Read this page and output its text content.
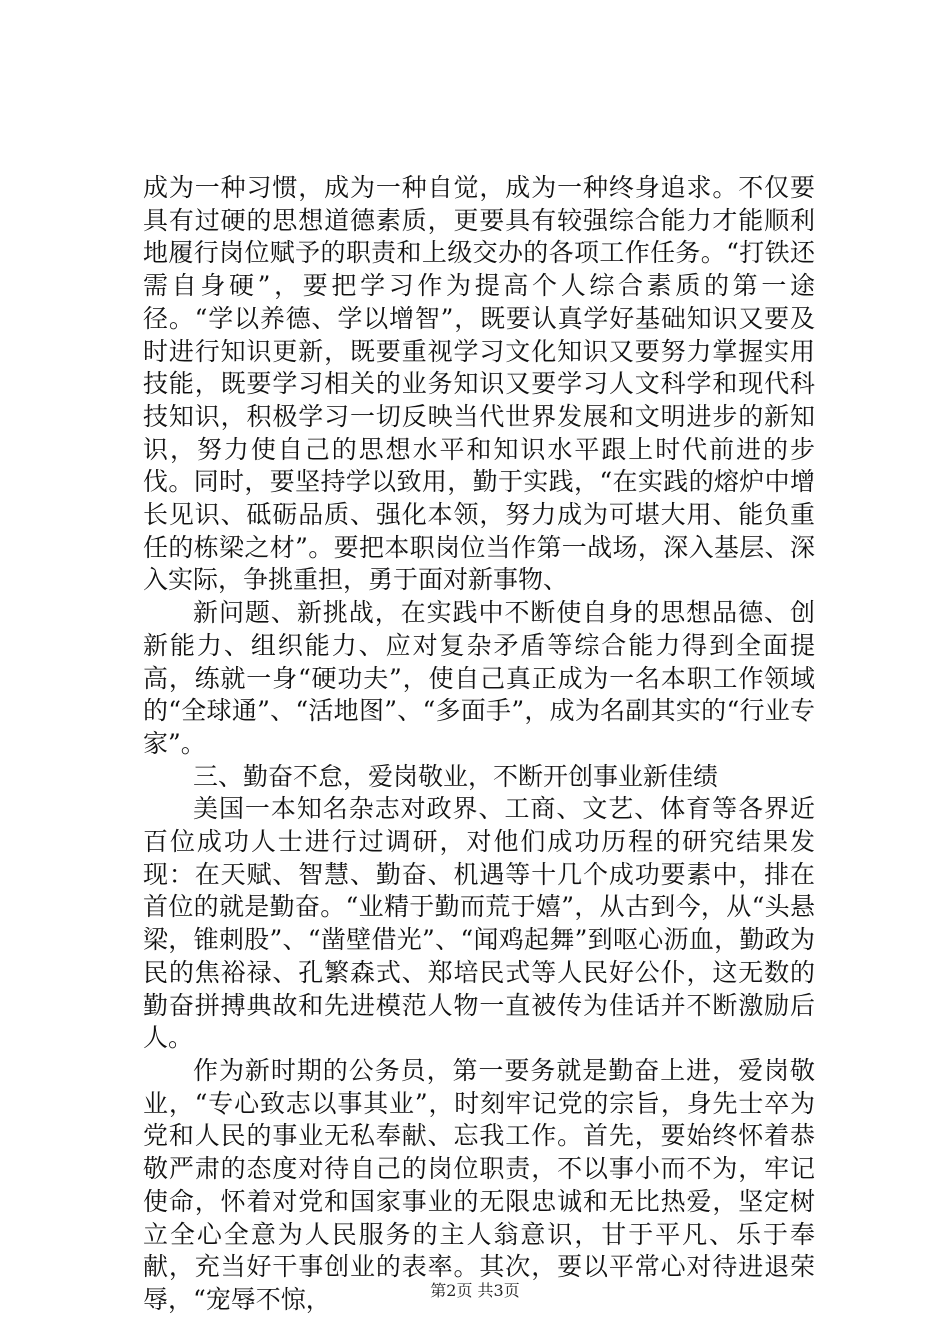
成为一种习惯，成为一种自觉，成为一种终身追求。不仅要具有过硬的思想道德素质，更要具有较强综合能力才能顺利地履行岗位赋予的职责和上级交办的各项工作任务。“打铁还需自身硬”，要把学习作为提高个人综合素质的第一途径。“学以养德、学以增智”，既要认真学好基础知识又要及时进行知识更新，既要重视学习文化知识又要努力掌握实用技能，既要学习相关的业务知识又要学习人文科学和现代科技知识，积极学习一切反映当代世界发展和文明进步的新知识，努力使自己的思想水平和知识水平跟上时代前进的步伐。同时，要坚持学以致用，勤于实践，“在实践的熔炉中增长见识、砥砺品质、强化本领，努力成为可堪大用、能负重任的栋梁之材”。要把本职岗位当作第一战场，深入基层、深入实际，争挑重担，勇于面对新事物、

新问题、新挑战，在实践中不断使自身的思想品德、创新能力、组织能力、应对复杂矛盾等综合能力得到全面提高，练就一身“硬功夫”，使自己真正成为一名本职工作领域的“全球通”、“活地图”、“多面手”，成为名副其实的“行业专家”。

三、勤奋不怠，爱岗敬业，不断开创事业新佳绩

美国一本知名杂志对政界、工商、文艺、体育等各界近百位成功人士进行过调研，对他们成功历程的研究结果发现：在天赋、智慧、勤奋、机遇等十几个成功要素中，排在首位的就是勤奋。“业精于勤而荒于嬉”，从古到今，从“头悬梁，锥刺股”、“凿壁借光”、“闻鸡起舞”到呕心沥血，勤政为民的焦裕禄、孔繁森式、郑培民式等人民好公仆，这无数的勤奋拼搏典故和先进模范人物一直被传为佳话并不断激励后人。

作为新时期的公务员，第一要务就是勤奋上进，爱岗敬业，“专心致志以事其业”，时刻牢记党的宗旨，身先士卒为党和人民的事业无私奉献、忘我工作。首先，要始终怀着恭敬严肃的态度对待自己的岗位职责，不以事小而不为，牢记使命，怀着对党和国家事业的无限忠诚和无比热爱，坚定树立全心全意为人民服务的主人翁意识，甘于平凡、乐于奉献，充当好干事创业的表率。其次，要以平常心对待进退荣辱，“宠辱不惊，	第2页 共3页
